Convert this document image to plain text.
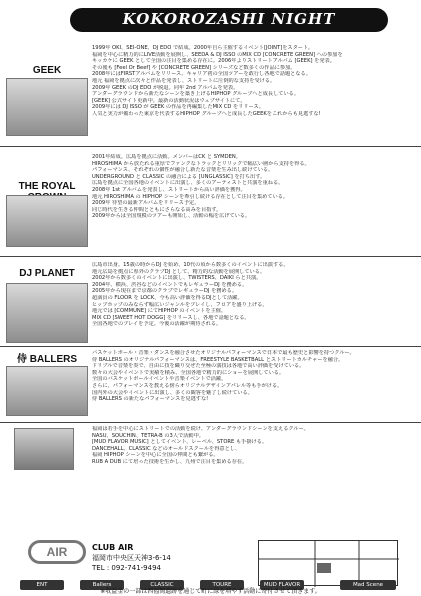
KOKOROZASHI NIGHT
GEEK
1999年 OKI、SEI-ONE、DJ EDO で結成。2000年自ら主催するイベント[JOINT]をスタート。
福岡を中心に精力的にLIVE活動を展開し、SEEDA & DJ ISSO のMIX CD [CONCRETE GREEN] への参加を
キッカケに GEEK として全国の注目を集める存在に。2006年よりストリートアルバム [GEEK] を発表。
その後も [Feel Or Beef] や [CONCRETE GREEN] シリーズなど数多くの作品に参加。
2008年にはFIRSTアルバムをリリース。キャリア初の全国ツアーを敢行し各地で話題となる。
地元 福岡を拠点に次々と作品を発表し、ストリートに圧倒的な支持を受ける。
2009年 GEEK のDJ EDO が脱退。同年 2nd アルバムを発表。
アンダーグラウンドから新たなシーンを築き上げるHIPHOP グループへと成長している。
[GEEK] 公式サイト更新中。最新の活動状況はウェブサイトにて。
2009年には DJ ISSO が GEEK の作品を再編集したMIX CD をリリース。
人気と実力が備わった東京を代表するHIPHOP グループへと成長したGEEKをこれからも見逃すな!
THE ROYAL
2001年結成。広島を拠点に活動。メンバーはCK と SYMDEN。
HIROSHIMA から放たれる重厚でファンクなトラックとリリックで幅広い層から支持を得る。
パフォーマンス、それぞれの個性が融合し新たな音楽を生み出し続けている。
UNDERGROUND と CLASSIC の融合による [UNGLASSIC] を打ち出す。
広島を拠点に全国各地のイベントに出演し、多くのアーティストと共演を重ねる。
2008年 1st アルバムを発表し、ストリートから高い評価を獲得。
地元 HIROSHIMA の HIPHOP シーンを牽引し続ける存在として注目を集めている。
2009年 待望の最新アルバムをリリース予定。
同じ時代を生きる仲間とともにさらなる高みを目指す。
2009年からは全国規模のツアーも開始し、活動の幅を広げている。
DJ PLANET
広島市出身。15歳の時からDJ を始め、10代の頃から数多くのイベントに出演する。
地元広島を拠点に県外のクラブDJ として、精力的な活動を展開している。
2002年から数多くのイベントに出演し、TWISTERS、DAIKI らと共演。
2004年、横浜、渋谷などのイベントでもレギュラーDJ を務める。
2005年から現在まで京都のクラブでレギュラーDJ を務める。
超満員の FLOOR を LOCK、今も高い評価を得るDJとして活躍。
ヒップホップのみならず幅広いジャンルをプレイし、フロアを盛り上げる。
地元では [COMMUNE] にてHIPHOP のイベントを主催。
MIX CD [SWEET HOT DOGG] をリリースし、各地で話題となる。
全国各地でのプレイを予定。今後の活躍が期待される。
侍 BALLERS
バスケットボール・音楽・ダンスを融合させたオリジナルパフォーマンスで日本で最も歴史と影響を持つクルー。
侍 BALLERS のオリジナルパフォーマンスは、FREESTYLE BASKETBALL とストリートカルチャーを融合。
ドリブルで音楽を奏で、自由に技を織り交ぜた至極の演技は各地で高い評価を受けている。
数々の大会やイベントで実績を積み、全国各地で精力的にショーを展開している。
全国のバスケットボールイベントや音楽イベントで活躍。
さらに、パフォーマンスを教える傍らオリジナルデザインアパレル等も手がける。
国内外の大会やイベントに出演し、多くの観客を魅了し続けている。
侍 BALLERS の新たなパフォーマンスを見逃すな!
福岡は若手を中心にストリートでの活動を続け、アンダーグラウンドシーンを支えるクルー。
NASU、SOUCHIN、TETRA-B の3人で活動中。
[MUD FLAVOR MUSIC] としてイベント、レーベル、STORE も手掛ける。
DANCEHALL、CLASSIC などのオールドスクールを得意とし、
福岡 HIPHOP シーンを中心に全国の仲間とも繋がる。
RUB A DUB にて培った技術を生かし、九州で注目を集める存在。
AIR	CLUB AIR
福岡市中央区天神3-6-14
TEL : 092-741-9494
ENT	Ballers	CLASSIC	TOURE	MUD FLAVOR	Mad Scene
※収益金の一部は西福岡遺跡を通じて町に緑を増やす活動に寄付させて頂きます。
